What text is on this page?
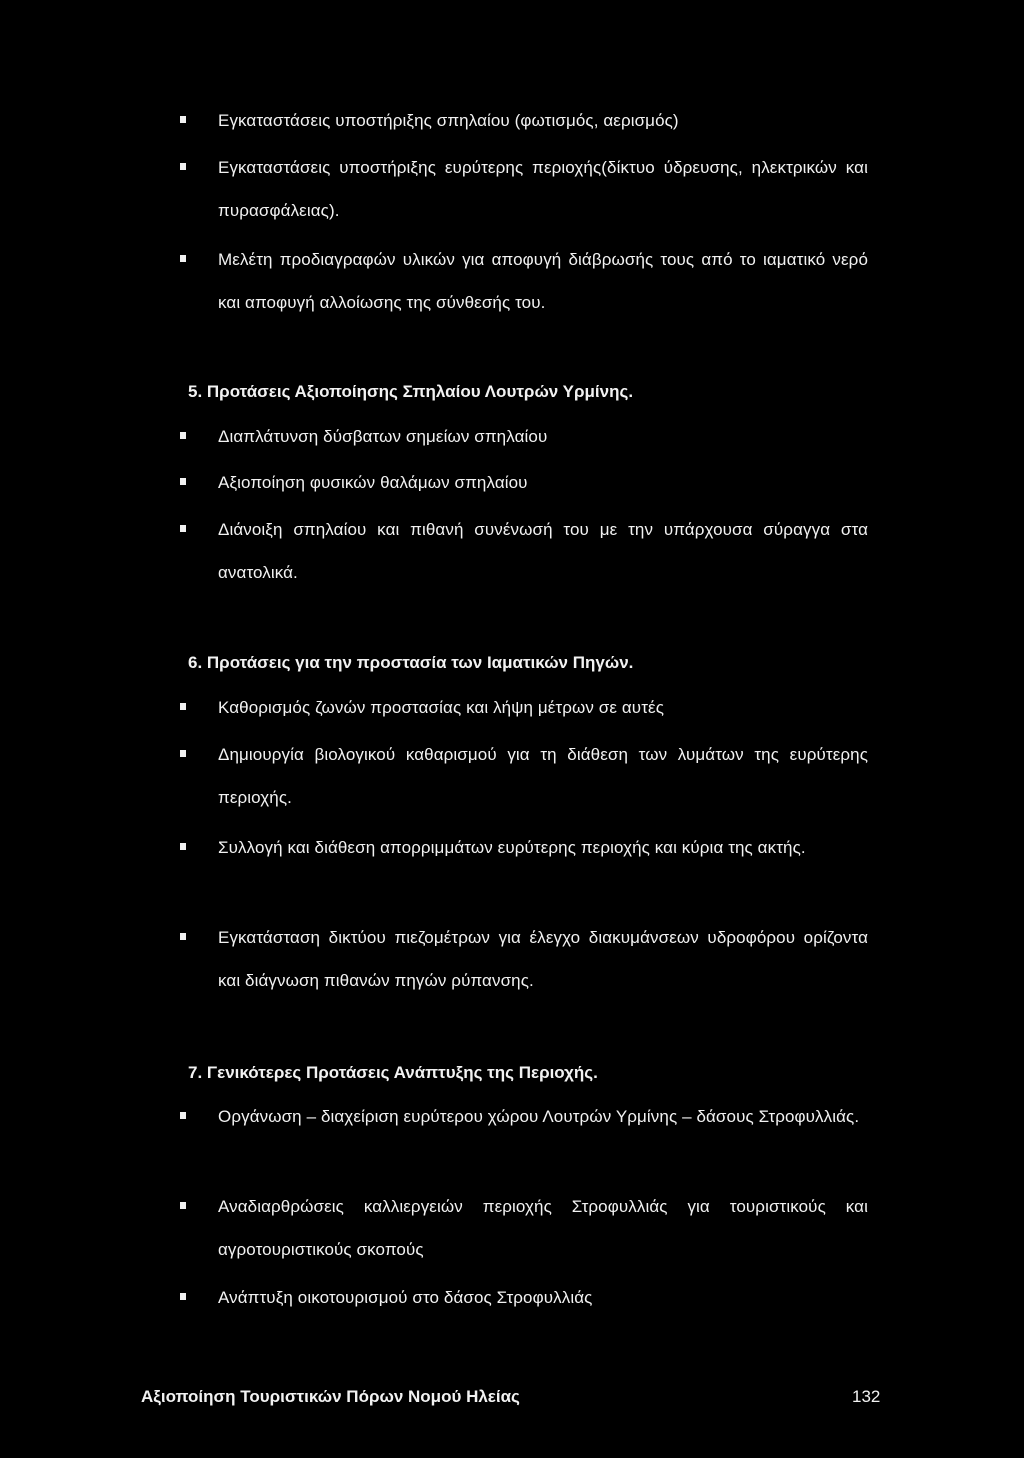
Εγκαταστάσεις υποστήριξης σπηλαίου (φωτισμός, αερισμός)
Εγκαταστάσεις υποστήριξης ευρύτερης περιοχής(δίκτυο ύδρευσης, ηλεκτρικών και πυρασφάλειας).
Μελέτη προδιαγραφών υλικών για αποφυγή διάβρωσής τους από το ιαματικό νερό και αποφυγή αλλοίωσης της σύνθεσής του.
5. Προτάσεις Αξιοποίησης Σπηλαίου Λουτρών Υρμίνης.
Διαπλάτυνση δύσβατων σημείων σπηλαίου
Αξιοποίηση φυσικών θαλάμων σπηλαίου
Διάνοιξη σπηλαίου και πιθανή συνένωσή του με την υπάρχουσα σύραγγα στα ανατολικά.
6. Προτάσεις για την προστασία των Ιαματικών Πηγών.
Καθορισμός ζωνών προστασίας και λήψη μέτρων σε αυτές
Δημιουργία βιολογικού καθαρισμού για τη διάθεση των λυμάτων της ευρύτερης περιοχής.
Συλλογή και διάθεση απορριμμάτων ευρύτερης περιοχής και κύρια της ακτής.
Εγκατάσταση δικτύου πιεζομέτρων για έλεγχο διακυμάνσεων υδροφόρου ορίζοντα και διάγνωση πιθανών πηγών ρύπανσης.
7. Γενικότερες Προτάσεις Ανάπτυξης της Περιοχής.
Οργάνωση – διαχείριση ευρύτερου χώρου Λουτρών Υρμίνης – δάσους Στροφυλλιάς.
Αναδιαρθρώσεις καλλιεργειών περιοχής Στροφυλλιάς για τουριστικούς και αγροτουριστικούς σκοπούς
Ανάπτυξη οικοτουρισμού στο δάσος Στροφυλλιάς
Αξιοποίηση Τουριστικών Πόρων Νομού Ηλείας	132
